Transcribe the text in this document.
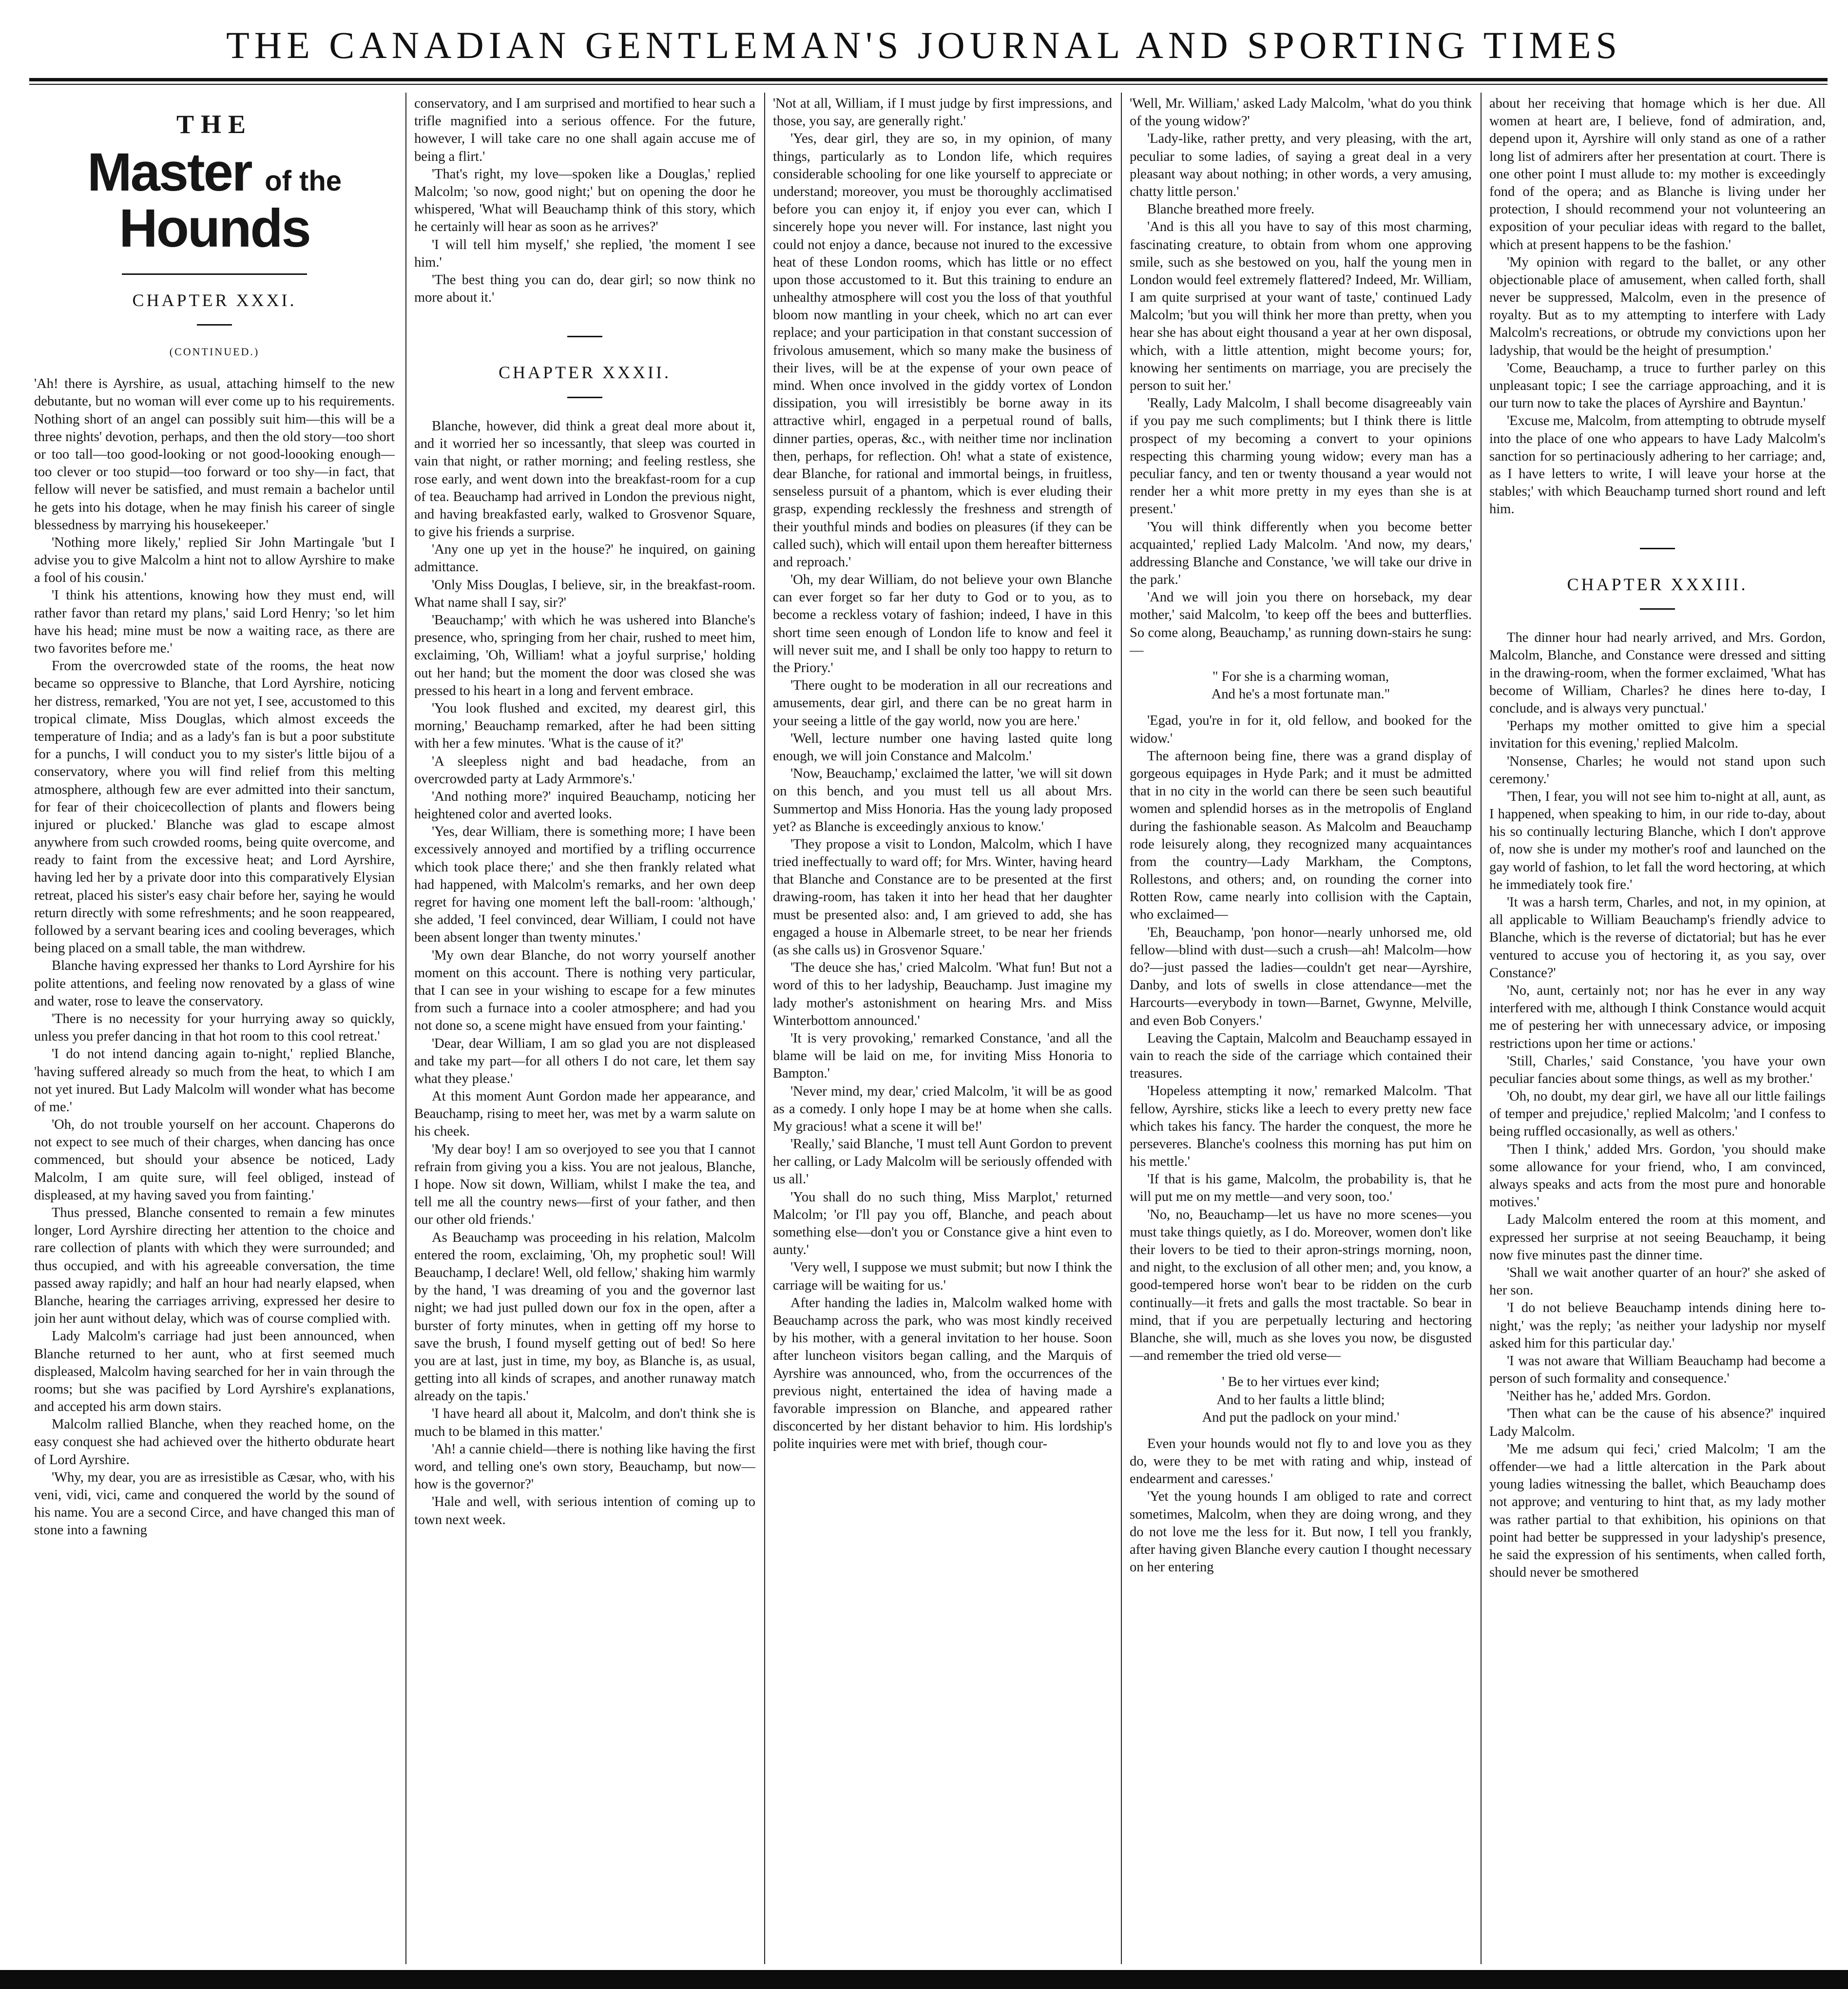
THE CANADIAN GENTLEMAN'S JOURNAL AND SPORTING TIMES
THE
Master of the Hounds
CHAPTER XXXI.
(CONTINUED.)

'Ah! there is Ayrshire, as usual, attaching himself to the new debutante, but no woman will ever come up to his requirements. Nothing short of an angel can possibly suit him—this will be a three nights' devotion, perhaps, and then the old story—too short or too tall—too good-looking or not good-loooking enough—too clever or too stupid—too forward or too shy—in fact, that fellow will never be satisfied, and must remain a bachelor until he gets into his dotage, when he may finish his career of single blessedness by marrying his housekeeper.'

'Nothing more likely,' replied Sir John Martingale 'but I advise you to give Malcolm a hint not to allow Ayrshire to make a fool of his cousin.'

'I think his attentions, knowing how they must end, will rather favor than retard my plans,' said Lord Henry; 'so let him have his head; mine must be now a waiting race, as there are two favorites before me.'

From the overcrowded state of the rooms, the heat now became so oppressive to Blanche, that Lord Ayrshire, noticing her distress, remarked, 'You are not yet, I see, accustomed to this tropical climate, Miss Douglas, which almost exceeds the temperature of India; and as a lady's fan is but a poor substitute for a punchs, I will conduct you to my sister's little bijou of a conservatory, where you will find relief from this melting atmosphere, although few are ever admitted into their sanctum, for fear of their choicecollection of plants and flowers being injured or plucked.' Blanche was glad to escape almost anywhere from such crowded rooms, being quite overcome, and ready to faint from the excessive heat; and Lord Ayrshire, having led her by a private door into this comparatively Elysian retreat, placed his sister's easy chair before her, saying he would return directly with some refreshments; and he soon reappeared, followed by a servant bearing ices and cooling beverages, which being placed on a small table, the man withdrew.

Blanche having expressed her thanks to Lord Ayrshire for his polite attentions, and feeling now renovated by a glass of wine and water, rose to leave the conservatory.

'There is no necessity for your hurrying away so quickly, unless you prefer dancing in that hot room to this cool retreat.'

'I do not intend dancing again to-night,' replied Blanche, 'having suffered already so much from the heat, to which I am not yet inured. But Lady Malcolm will wonder what has become of me.'

'Oh, do not trouble yourself on her account. Chaperons do not expect to see much of their charges, when dancing has once commenced, but should your absence be noticed, Lady Malcolm, I am quite sure, will feel obliged, instead of displeased, at my having saved you from fainting.'

Thus pressed, Blanche consented to remain a few minutes longer, Lord Ayrshire directing her attention to the choice and rare collection of plants with which they were surrounded; and thus occupied, and with his agreeable conversation, the time passed away rapidly; and half an hour had nearly elapsed, when Blanche, hearing the carriages arriving, expressed her desire to join her aunt without delay, which was of course complied with.

Lady Malcolm's carriage had just been announced, when Blanche returned to her aunt, who at first seemed much displeased, Malcolm having searched for her in vain through the rooms; but she was pacified by Lord Ayrshire's explanations, and accepted his arm down stairs.

Malcolm rallied Blanche, when they reached home, on the easy conquest she had achieved over the hitherto obdurate heart of Lord Ayrshire.

'Why, my dear, you are as irresistible as Cæsar, who, with his veni, vidi, vici, came and conquered the world by the sound of his name. You are a second Circe, and have changed this man of stone into a fawning

conservatory, and I am surprised and mortified to hear such a trifle magnified into a serious offence. For the future, however, I will take care no one shall again accuse me of being a flirt.'

'That's right, my love—spoken like a Douglas,' replied Malcolm; 'so now, good night;' but on opening the door he whispered, 'What will Beauchamp think of this story, which he certainly will hear as soon as he arrives?'

'I will tell him myself,' she replied, 'the moment I see him.'

'The best thing you can do, dear girl; so now think no more about it.'

CHAPTER XXXII.

Blanche, however, did think a great deal more about it, and it worried her so incessantly, that sleep was courted in vain that night, or rather morning; and feeling restless, she rose early, and went down into the breakfast-room for a cup of tea. Beauchamp had arrived in London the previous night, and having breakfasted early, walked to Grosvenor Square, to give his friends a surprise.

'Any one up yet in the house?' he inquired, on gaining admittance.

'Only Miss Douglas, I believe, sir, in the breakfast-room. What name shall I say, sir?'

'Beauchamp;' with which he was ushered into Blanche's presence, who, springing from her chair, rushed to meet him, exclaiming, 'Oh, William! what a joyful surprise,' holding out her hand; but the moment the door was closed she was pressed to his heart in a long and fervent embrace.

'You look flushed and excited, my dearest girl, this morning,' Beauchamp remarked, after he had been sitting with her a few minutes. 'What is the cause of it?'

'A sleepless night and bad headache, from an overcrowded party at Lady Armmore's.'

'And nothing more?' inquired Beauchamp, noticing her heightened color and averted looks.

'Yes, dear William, there is something more; I have been excessively annoyed and mortified by a trifling occurrence which took place there;' and she then frankly related what had happened, with Malcolm's remarks, and her own deep regret for having one moment left the ball-room: 'although,' she added, 'I feel convinced, dear William, I could not have been absent longer than twenty minutes.'

'My own dear Blanche, do not worry yourself another moment on this account. There is nothing very particular, that I can see in your wishing to escape for a few minutes from such a furnace into a cooler atmosphere; and had you not done so, a scene might have ensued from your fainting.'

'Dear, dear William, I am so glad you are not displeased and take my part—for all others I do not care, let them say what they please.'

At this moment Aunt Gordon made her appearance, and Beauchamp, rising to meet her, was met by a warm salute on his cheek.

'My dear boy! I am so overjoyed to see you that I cannot refrain from giving you a kiss. You are not jealous, Blanche, I hope. Now sit down, William, whilst I make the tea, and tell me all the country news—first of your father, and then our other old friends.'

As Beauchamp was proceeding in his relation, Malcolm entered the room, exclaiming, 'Oh, my prophetic soul! Will Beauchamp, I declare! Well, old fellow,' shaking him warmly by the hand, 'I was dreaming of you and the governor last night; we had just pulled down our fox in the open, after a burster of forty minutes, when in getting off my horse to save the brush, I found myself getting out of bed! So here you are at last, just in time, my boy, as Blanche is, as usual, getting into all kinds of scrapes, and another runaway match already on the tapis.'

'I have heard all about it, Malcolm, and don't think she is much to be blamed in this matter.'

'Ah! a cannie chield—there is nothing like having the first word, and telling one's own story, Beauchamp, but now—how is the governor?'

'Hale and well, with serious intention of coming up to town next week.

'Not at all, William, if I must judge by first impressions, and those, you say, are generally right.'

'Yes, dear girl, they are so, in my opinion, of many things, particularly as to London life, which requires considerable schooling for one like yourself to appreciate or understand; moreover, you must be thoroughly acclimatised before you can enjoy it, if enjoy you ever can, which I sincerely hope you never will. For instance, last night you could not enjoy a dance, because not inured to the excessive heat of these London rooms, which has little or no effect upon those accustomed to it. But this training to endure an unhealthy atmosphere will cost you the loss of that youthful bloom now mantling in your cheek, which no art can ever replace; and your participation in that constant succession of frivolous amusement, which so many make the business of their lives, will be at the expense of your own peace of mind. When once involved in the giddy vortex of London dissipation, you will irresistibly be borne away in its attractive whirl, engaged in a perpetual round of balls, dinner parties, operas, &c., with neither time nor inclination then, perhaps, for reflection. Oh! what a state of existence, dear Blanche, for rational and immortal beings, in fruitless, senseless pursuit of a phantom, which is ever eluding their grasp, expending recklessly the freshness and strength of their youthful minds and bodies on pleasures (if they can be called such), which will entail upon them hereafter bitterness and reproach.'

'Oh, my dear William, do not believe your own Blanche can ever forget so far her duty to God or to you, as to become a reckless votary of fashion; indeed, I have in this short time seen enough of London life to know and feel it will never suit me, and I shall be only too happy to return to the Priory.'

'There ought to be moderation in all our recreations and amusements, dear girl, and there can be no great harm in your seeing a little of the gay world, now you are here.'

'Well, lecture number one having lasted quite long enough, we will join Constance and Malcolm.'

'Now, Beauchamp,' exclaimed the latter, 'we will sit down on this bench, and you must tell us all about Mrs. Summertop and Miss Honoria. Has the young lady proposed yet? as Blanche is exceedingly anxious to know.'

'They propose a visit to London, Malcolm, which I have tried ineffectually to ward off; for Mrs. Winter, having heard that Blanche and Constance are to be presented at the first drawing-room, has taken it into her head that her daughter must be presented also: and, I am grieved to add, she has engaged a house in Albemarle street, to be near her friends (as she calls us) in Grosvenor Square.'

'The deuce she has,' cried Malcolm. 'What fun! But not a word of this to her ladyship, Beauchamp. Just imagine my lady mother's astonishment on hearing Mrs. and Miss Winterbottom announced.'

'It is very provoking,' remarked Constance, 'and all the blame will be laid on me, for inviting Miss Honoria to Bampton.'

'Never mind, my dear,' cried Malcolm, 'it will be as good as a comedy. I only hope I may be at home when she calls. My gracious! what a scene it will be!'

'Really,' said Blanche, 'I must tell Aunt Gordon to prevent her calling, or Lady Malcolm will be seriously offended with us all.'

'You shall do no such thing, Miss Marplot,' returned Malcolm; 'or I'll pay you off, Blanche, and peach about something else—don't you or Constance give a hint even to aunty.'

'Very well, I suppose we must submit; but now I think the carriage will be waiting for us.'

After handing the ladies in, Malcolm walked home with Beauchamp across the park, who was most kindly received by his mother, with a general invitation to her house. Soon after luncheon visitors began calling, and the Marquis of Ayrshire was announced, who, from the occurrences of the previous night, entertained the idea of having made a favorable impression on Blanche, and appeared rather disconcerted by her distant behavior to him. His lordship's polite inquiries were met with brief, though cour-

'Well, Mr. William,' asked Lady Malcolm, 'what do you think of the young widow?'

'Lady-like, rather pretty, and very pleasing, with the art, peculiar to some ladies, of saying a great deal in a very pleasant way about nothing; in other words, a very amusing, chatty little person.'

Blanche breathed more freely.

'And is this all you have to say of this most charming, fascinating creature, to obtain from whom one approving smile, such as she bestowed on you, half the young men in London would feel extremely flattered? Indeed, Mr. William, I am quite surprised at your want of taste,' continued Lady Malcolm; 'but you will think her more than pretty, when you hear she has about eight thousand a year at her own disposal, which, with a little attention, might become yours; for, knowing her sentiments on marriage, you are precisely the person to suit her.'

'Really, Lady Malcolm, I shall become disagreeably vain if you pay me such compliments; but I think there is little prospect of my becoming a convert to your opinions respecting this charming young widow; every man has a peculiar fancy, and ten or twenty thousand a year would not render her a whit more pretty in my eyes than she is at present.'

'You will think differently when you become better acquainted,' replied Lady Malcolm. 'And now, my dears,' addressing Blanche and Constance, 'we will take our drive in the park.'

'And we will join you there on horseback, my dear mother,' said Malcolm, 'to keep off the bees and butterflies. So come along, Beauchamp,' as running down-stairs he sung:—

" For she is a charming woman,
And he's a most fortunate man."

'Egad, you're in for it, old fellow, and booked for the widow.'

The afternoon being fine, there was a grand display of gorgeous equipages in Hyde Park; and it must be admitted that in no city in the world can there be seen such beautiful women and splendid horses as in the metropolis of England during the fashionable season. As Malcolm and Beauchamp rode leisurely along, they recognized many acquaintances from the country—Lady Markham, the Comptons, Rollestons, and others; and, on rounding the corner into Rotten Row, came nearly into collision with the Captain, who exclaimed—

'Eh, Beauchamp, 'pon honor—nearly unhorsed me, old fellow—blind with dust—such a crush—ah! Malcolm—how do?—just passed the ladies—couldn't get near—Ayrshire, Danby, and lots of swells in close attendance—met the Harcourts—everybody in town—Barnet, Gwynne, Melville, and even Bob Conyers.'

Leaving the Captain, Malcolm and Beauchamp essayed in vain to reach the side of the carriage which contained their treasures.

'Hopeless attempting it now,' remarked Malcolm. 'That fellow, Ayrshire, sticks like a leech to every pretty new face which takes his fancy. The harder the conquest, the more he perseveres. Blanche's coolness this morning has put him on his mettle.'

'If that is his game, Malcolm, the probability is, that he will put me on my mettle—and very soon, too.'

'No, no, Beauchamp—let us have no more scenes—you must take things quietly, as I do. Moreover, women don't like their lovers to be tied to their apron-strings morning, noon, and night, to the exclusion of all other men; and, you know, a good-tempered horse won't bear to be ridden on the curb continually—it frets and galls the most tractable. So bear in mind, that if you are perpetually lecturing and hectoring Blanche, she will, much as she loves you now, be disgusted—and remember the tried old verse—

' Be to her virtues ever kind;
And to her faults a little blind;
And put the padlock on your mind.'

Even your hounds would not fly to and love you as they do, were they to be met with rating and whip, instead of endearment and caresses.'

'Yet the young hounds I am obliged to rate and correct sometimes, Malcolm, when they are doing wrong, and they do not love me the less for it. But now, I tell you frankly, after having given Blanche every caution I thought necessary on her entering

about her receiving that homage which is her due. All women at heart are, I believe, fond of admiration, and, depend upon it, Ayrshire will only stand as one of a rather long list of admirers after her presentation at court. There is one other point I must allude to: my mother is exceedingly fond of the opera; and as Blanche is living under her protection, I should recommend your not volunteering an exposition of your peculiar ideas with regard to the ballet, which at present happens to be the fashion.'

'My opinion with regard to the ballet, or any other objectionable place of amusement, when called forth, shall never be suppressed, Malcolm, even in the presence of royalty. But as to my attempting to interfere with Lady Malcolm's recreations, or obtrude my convictions upon her ladyship, that would be the height of presumption.'

'Come, Beauchamp, a truce to further parley on this unpleasant topic; I see the carriage approaching, and it is our turn now to take the places of Ayrshire and Bayntun.'

'Excuse me, Malcolm, from attempting to obtrude myself into the place of one who appears to have Lady Malcolm's sanction for so pertinaciously adhering to her carriage; and, as I have letters to write, I will leave your horse at the stables;' with which Beauchamp turned short round and left him.

CHAPTER XXXIII.

The dinner hour had nearly arrived, and Mrs. Gordon, Malcolm, Blanche, and Constance were dressed and sitting in the drawing-room, when the former exclaimed, 'What has become of William, Charles? he dines here to-day, I conclude, and is always very punctual.'

'Perhaps my mother omitted to give him a special invitation for this evening,' replied Malcolm.

'Nonsense, Charles; he would not stand upon such ceremony.'

'Then, I fear, you will not see him to-night at all, aunt, as I happened, when speaking to him, in our ride to-day, about his so continually lecturing Blanche, which I don't approve of, now she is under my mother's roof and launched on the gay world of fashion, to let fall the word hectoring, at which he immediately took fire.'

'It was a harsh term, Charles, and not, in my opinion, at all applicable to William Beauchamp's friendly advice to Blanche, which is the reverse of dictatorial; but has he ever ventured to accuse you of hectoring it, as you say, over Constance?'

'No, aunt, certainly not; nor has he ever in any way interfered with me, although I think Constance would acquit me of pestering her with unnecessary advice, or imposing restrictions upon her time or actions.'

'Still, Charles,' said Constance, 'you have your own peculiar fancies about some things, as well as my brother.'

'Oh, no doubt, my dear girl, we have all our little failings of temper and prejudice,' replied Malcolm; 'and I confess to being ruffled occasionally, as well as others.'

'Then I think,' added Mrs. Gordon, 'you should make some allowance for your friend, who, I am convinced, always speaks and acts from the most pure and honorable motives.'

Lady Malcolm entered the room at this moment, and expressed her surprise at not seeing Beauchamp, it being now five minutes past the dinner time.

'Shall we wait another quarter of an hour?' she asked of her son.

'I do not believe Beauchamp intends dining here to-night,' was the reply; 'as neither your ladyship nor myself asked him for this particular day.'

'I was not aware that William Beauchamp had become a person of such formality and consequence.'

'Neither has he,' added Mrs. Gordon.

'Then what can be the cause of his absence?' inquired Lady Malcolm.

'Me me adsum qui feci,' cried Malcolm; 'I am the offender—we had a little altercation in the Park about young ladies witnessing the ballet, which Beauchamp does not approve; and venturing to hint that, as my lady mother was rather partial to that exhibition, his opinions on that point had better be suppressed in your ladyship's presence, he said the expression of his sentiments, when called forth, should never be smothered
